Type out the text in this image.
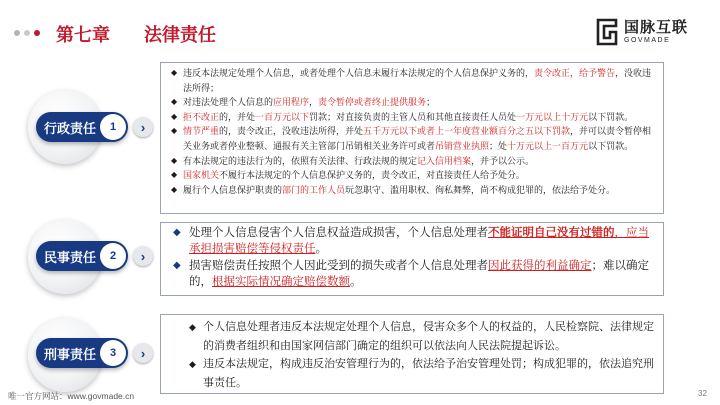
第七章 法律责任	国脉互联
GOVMADE
行政责任	1	›
民事责任	2	›
刑事责任	3	›
◆ 违反本法规定处理个人信息，或者处理个人信息未履行本法规定的个人信息保护义务的，责令改正，给予警告，没收违法所得；
◆ 对违法处理个人信息的应用程序，责令暂停或者终止提供服务；
◆ 拒不改正的，并处一百万元以下罚款；对直接负责的主管人员和其他直接责任人员处一万元以上十万元以下罚款。
◆ 情节严重的，责令改正，没收违法所得，并处五千万元以下或者上一年度营业额百分之五以下罚款，并可以责令暂停相关业务或者停业整顿、通报有关主管部门吊销相关业务许可或者吊销营业执照；处十万元以上一百万元以下罚款。
◆ 有本法规定的违法行为的，依照有关法律、行政法规的规定记入信用档案，并予以公示。
◆ 国家机关不履行本法规定的个人信息保护义务的，责令改正，对直接责任人给予处分。
◆ 履行个人信息保护职责的部门的工作人员玩忽职守、滥用职权、徇私舞弊，尚不构成犯罪的，依法给予处分。
◆ 处理个人信息侵害个人信息权益造成损害，个人信息处理者不能证明自己没有过错的，应当承担损害赔偿等侵权责任。
◆ 损害赔偿责任按照个人因此受到的损失或者个人信息处理者因此获得的利益确定；难以确定的，根据实际情况确定赔偿数额。
◆ 个人信息处理者违反本法规定处理个人信息，侵害众多个人的权益的，人民检察院、法律规定的消费者组织和由国家网信部门确定的组织可以依法向人民法院提起诉讼。
◆ 违反本法规定，构成违反治安管理行为的，依法给予治安管理处罚；构成犯罪的，依法追究刑事责任。
唯一官方网站：www.govmade.cn	32
